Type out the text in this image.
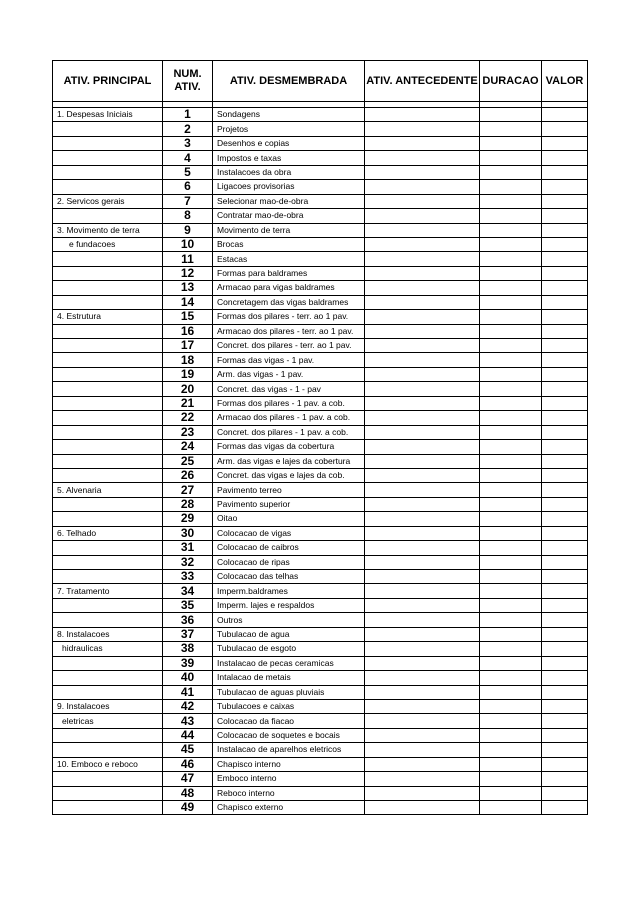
ATIV. PRINCIPAL	NUM. ATIV.	ATIV. DESMEMBRADA	ATIV. ANTECEDENTE	DURACAO	VALOR

1. Despesas Iniciais	1	Sondagens			
	2	Projetos			
	3	Desenhos e copias			
	4	Impostos e taxas			
	5	Instalacoes da obra			
	6	Ligacoes provisorias			
2. Servicos gerais	7	Selecionar mao-de-obra			
	8	Contratar mao-de-obra			
3. Movimento de terra	9	Movimento de terra			
e fundacoes	10	Brocas			
	11	Estacas			
	12	Formas para baldrames			
	13	Armacao para vigas baldrames			
	14	Concretagem das vigas baldrames			
4. Estrutura	15	Formas dos pilares - terr. ao 1 pav.			
	16	Armacao dos pilares - terr. ao 1 pav.			
	17	Concret. dos pilares - terr. ao 1 pav.			
	18	Formas das vigas - 1 pav.			
	19	Arm. das vigas - 1 pav.			
	20	Concret. das vigas - 1 - pav			
	21	Formas dos pilares - 1 pav. a cob.			
	22	Armacao dos pilares - 1 pav. a cob.			
	23	Concret. dos pilares - 1 pav. a cob.			
	24	Formas das vigas da cobertura			
	25	Arm. das vigas e lajes da cobertura			
	26	Concret. das vigas e lajes da cob.			
5. Alvenaria	27	Pavimento terreo			
	28	Pavimento superior			
	29	Oitao			
6. Telhado	30	Colocacao de vigas			
	31	Colocacao de caibros			
	32	Colocacao de ripas			
	33	Colocacao das telhas			
7. Tratamento	34	Imperm.baldrames			
	35	Imperm. lajes e respaldos			
	36	Outros			
8. Instalacoes	37	Tubulacao de agua			
hidraulicas	38	Tubulacao de esgoto			
	39	Instalacao de pecas ceramicas			
	40	Intalacao de metais			
	41	Tubulacao de aguas pluviais			
9. Instalacoes	42	Tubulacoes e caixas			
eletricas	43	Colocacao da fiacao			
	44	Colocacao de soquetes e bocais			
	45	Instalacao de aparelhos eletricos			
10. Emboco e reboco	46	Chapisco interno			
	47	Emboco interno			
	48	Reboco interno			
	49	Chapisco externo			
